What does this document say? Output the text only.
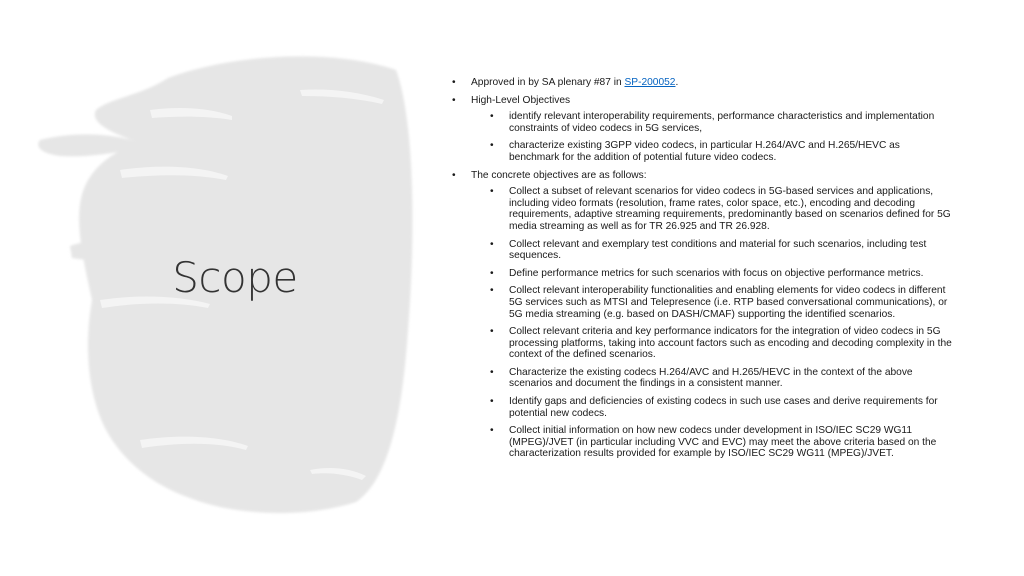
Scope
• Approved in by SA plenary #87 in SP-200052.
• High-Level Objectives
• identify relevant interoperability requirements, performance characteristics and implementation constraints of video codecs in 5G services,
• characterize existing 3GPP video codecs, in particular H.264/AVC and H.265/HEVC as benchmark for the addition of potential future video codecs.
• The concrete objectives are as follows:
• Collect a subset of relevant scenarios for video codecs in 5G-based services and applications, including video formats (resolution, frame rates, color space, etc.), encoding and decoding requirements, adaptive streaming requirements, predominantly based on scenarios defined for 5G media streaming as well as for TR 26.925 and TR 26.928.
• Collect relevant and exemplary test conditions and material for such scenarios, including test sequences.
• Define performance metrics for such scenarios with focus on objective performance metrics.
• Collect relevant interoperability functionalities and enabling elements for video codecs in different 5G services such as MTSI and Telepresence (i.e. RTP based conversational communications), or 5G media streaming (e.g. based on DASH/CMAF) supporting the identified scenarios.
• Collect relevant criteria and key performance indicators for the integration of video codecs in 5G processing platforms, taking into account factors such as encoding and decoding complexity in the context of the defined scenarios.
• Characterize the existing codecs H.264/AVC and H.265/HEVC in the context of the above scenarios and document the findings in a consistent manner.
• Identify gaps and deficiencies of existing codecs in such use cases and derive requirements for potential new codecs.
• Collect initial information on how new codecs under development in ISO/IEC SC29 WG11 (MPEG)/JVET (in particular including VVC and EVC) may meet the above criteria based on the characterization results provided for example by ISO/IEC SC29 WG11 (MPEG)/JVET.
